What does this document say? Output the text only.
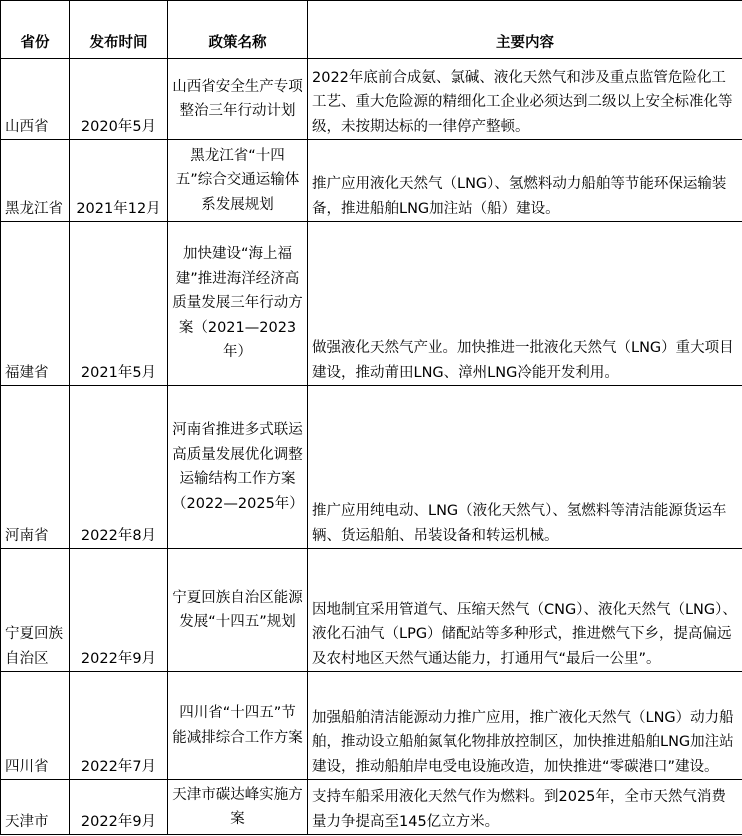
省份	发布时间	政策名称	主要内容
山西省	2020年5月	山西省安全生产专项整治三年行动计划	2022年底前合成氨、氯碱、液化天然气和涉及重点监管危险化工工艺、重大危险源的精细化工企业必须达到二级以上安全标准化等级，未按期达标的一律停产整顿。
黑龙江省	2021年12月	黑龙江省“十四五”综合交通运输体系发展规划	推广应用液化天然气（LNG）、氢燃料动力船舶等节能环保运输装备，推进船舶LNG加注站（船）建设。
福建省	2021年5月	加快建设“海上福建”推进海洋经济高质量发展三年行动方案（2021—2023年）	做强液化天然气产业。加快推进一批液化天然气（LNG）重大项目建设，推动莆田LNG、漳州LNG冷能开发利用。
河南省	2022年8月	河南省推进多式联运高质量发展优化调整运输结构工作方案（2022—2025年）	推广应用纯电动、LNG（液化天然气）、氢燃料等清洁能源货运车辆、货运船舶、吊装设备和转运机械。
宁夏回族自治区	2022年9月	宁夏回族自治区能源发展“十四五”规划	因地制宜采用管道气、压缩天然气（CNG）、液化天然气（LNG）、液化石油气（LPG）储配站等多种形式，推进燃气下乡，提高偏远及农村地区天然气通达能力，打通用气“最后一公里”。
四川省	2022年7月	四川省“十四五”节能减排综合工作方案	加强船舶清洁能源动力推广应用，推广液化天然气（LNG）动力船舶，推动设立船舶氮氧化物排放控制区，加快推进船舶LNG加注站建设，推动船舶岸电受电设施改造，加快推进“零碳港口”建设。
天津市	2022年9月	天津市碳达峰实施方案	支持车船采用液化天然气作为燃料。到2025年，全市天然气消费量力争提高至145亿立方米。
